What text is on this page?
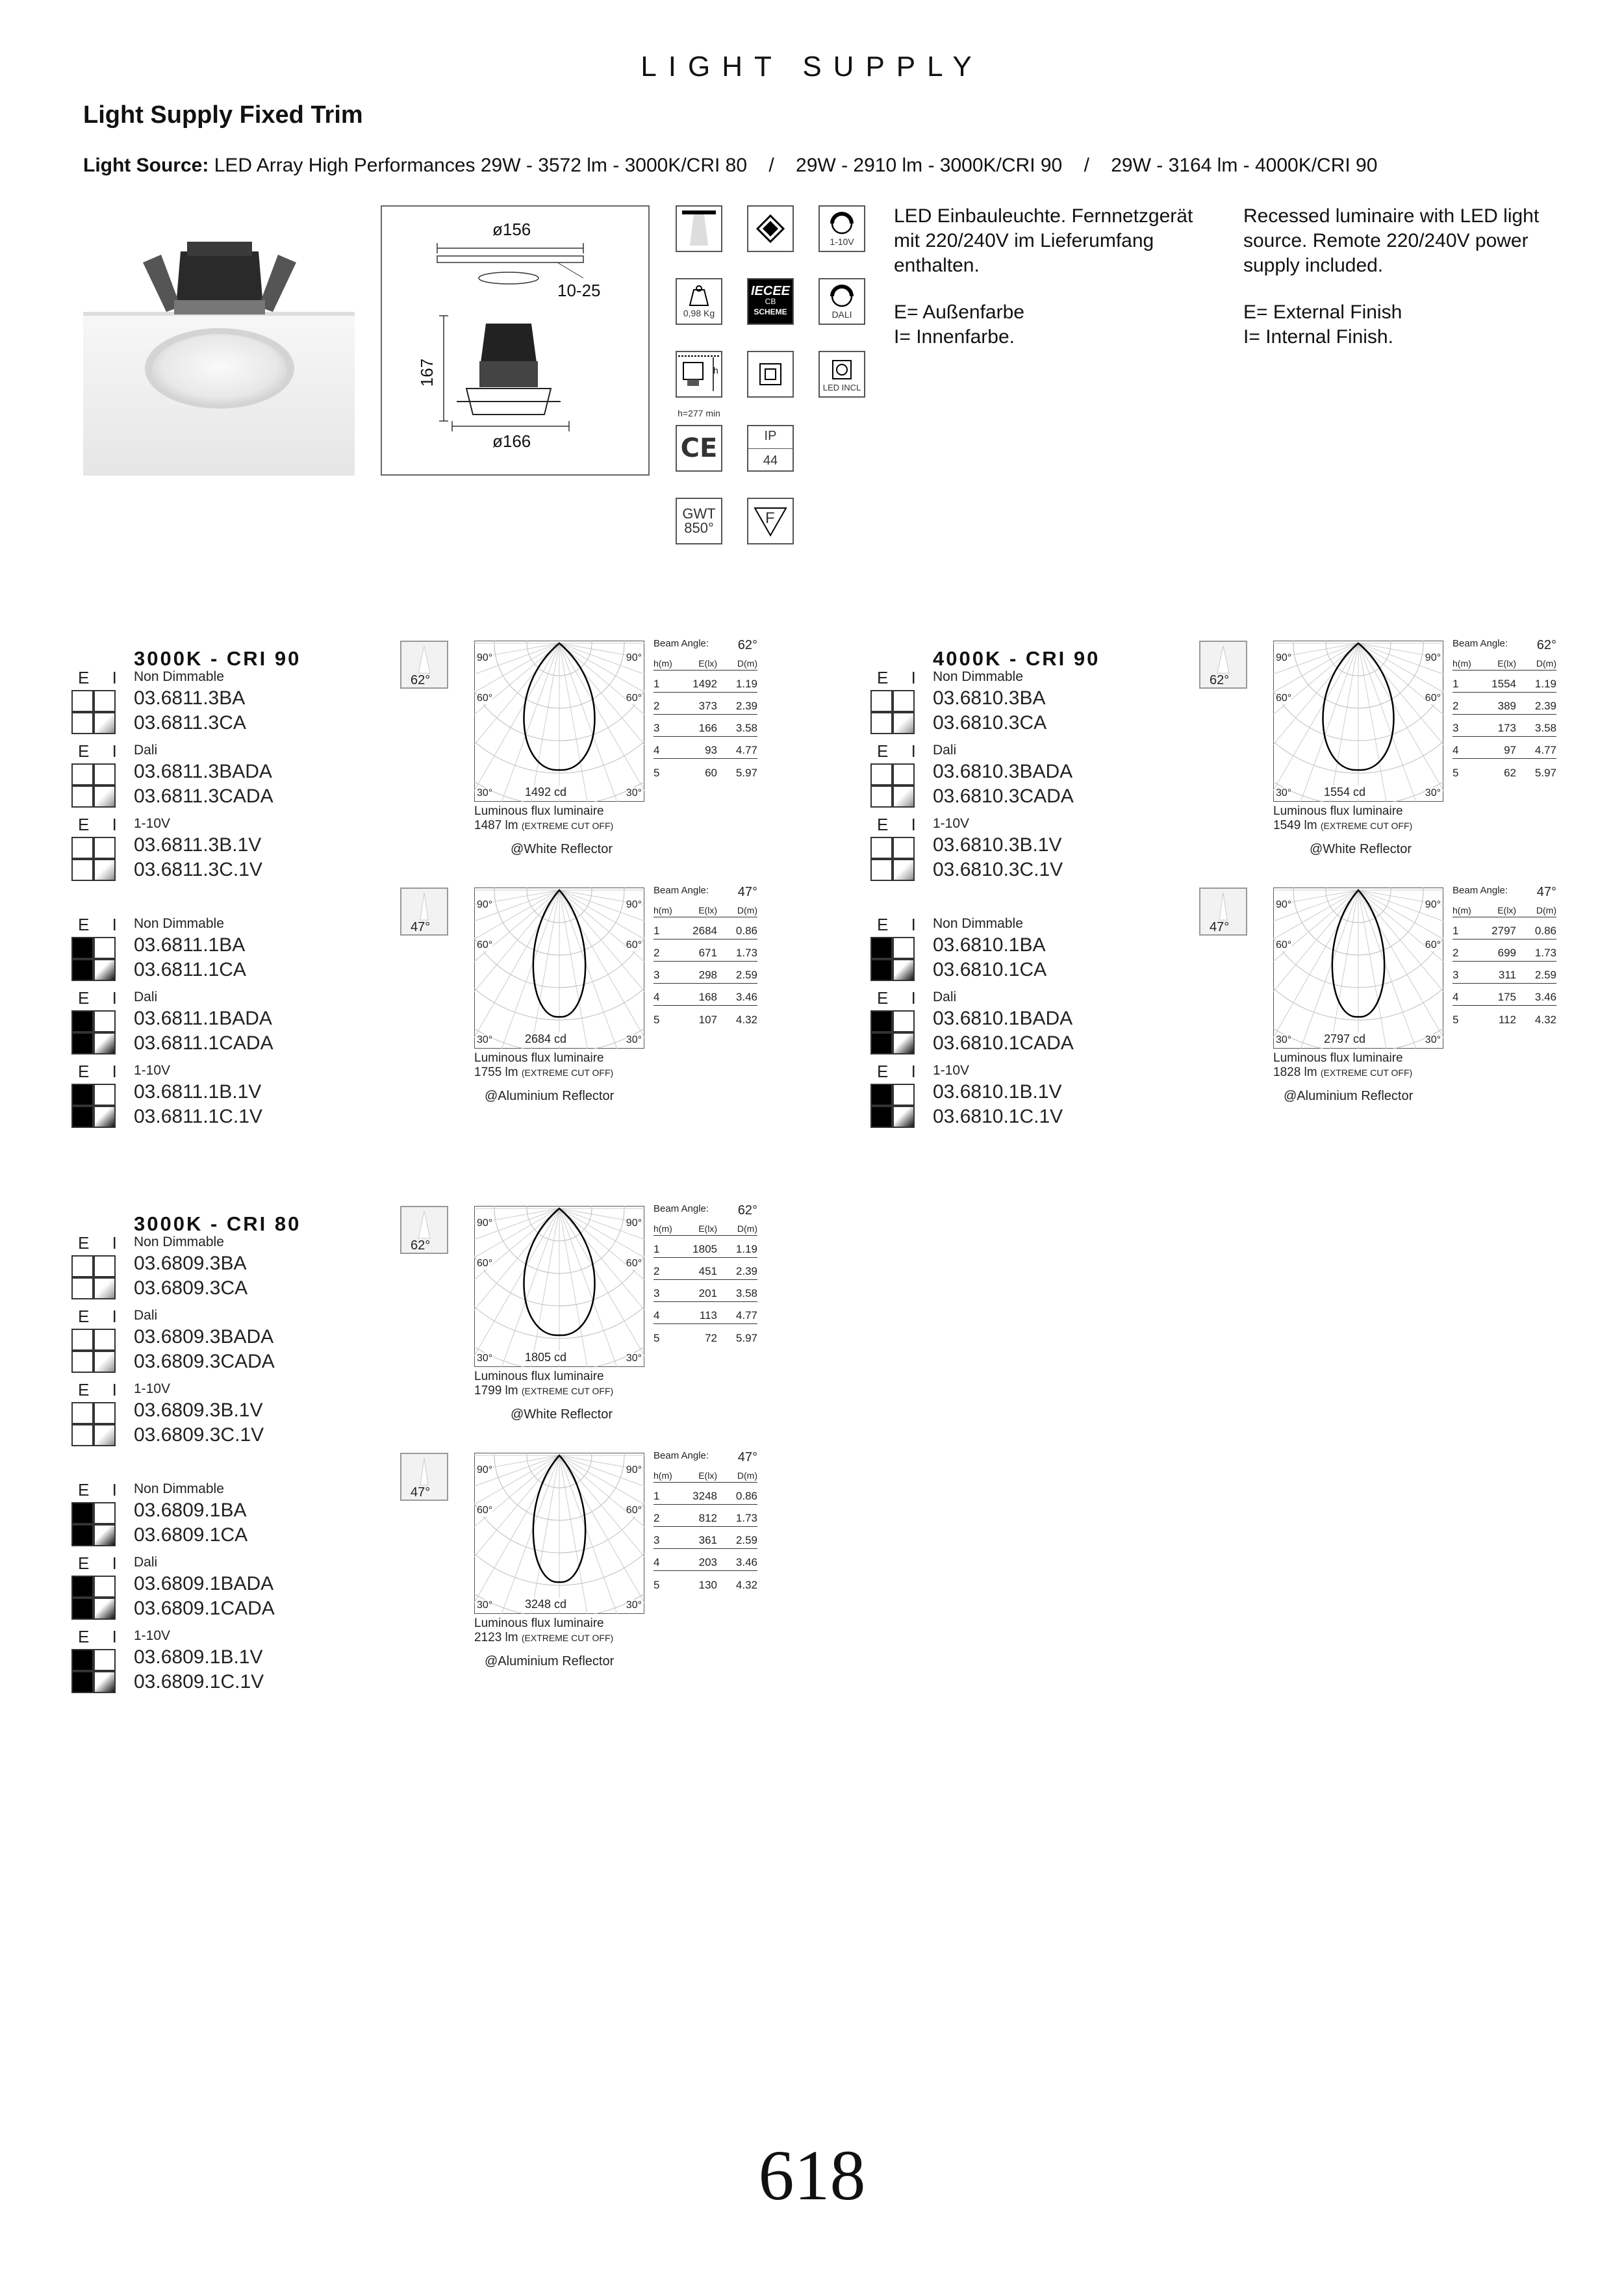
LIGHT SUPPLY
Light Supply Fixed Trim
Light Source: LED Array High Performances 29W - 3572 lm - 3000K/CRI 80    /    29W - 2910 lm - 3000K/CRI 90    /    29W - 3164 lm - 4000K/CRI 90
ø156
10-25
167
ø166
1-10V
0,98 Kg
IECEE
CB
SCHEME	DALI
h
h=277 min
LED INCL
CE	IP
44
GWT
850°
F
LED Einbauleuchte. Fernnetzgerät mit 220/240V im Lieferumfang enthalten.
E= Außenfarbe
I= Innenfarbe.
Recessed luminaire with LED light source. Remote 220/240V power supply included.
E= External Finish
I= Internal Finish.
3000K - CRI 90
E I Non Dimmable
03.6811.3BA
03.6811.3CA
E I Dali
03.6811.3BADA
03.6811.3CADA
E I 1-10V
03.6811.3B.1V
03.6811.3C.1V
E I Non Dimmable
03.6811.1BA
03.6811.1CA
E I Dali
03.6811.1BADA
03.6811.1CADA
E I 1-10V
03.6811.1B.1V
03.6811.1C.1V
62°
90°	90°
60°	60°
30°	30°
1492 cd
Luminous flux luminaire
1487 lm (EXTREME CUT OFF)
@White Reflector
Beam Angle: 62°
h(m)	E(lx)	D(m)
1	1492	1.19
2	373	2.39
3	166	3.58
4	93	4.77
5	60	5.97
47°
90°	90°
60°	60°
30°	30°
2684 cd
Luminous flux luminaire
1755 lm (EXTREME CUT OFF)
@Aluminium Reflector
Beam Angle: 47°
h(m)	E(lx)	D(m)
1	2684	0.86
2	671	1.73
3	298	2.59
4	168	3.46
5	107	4.32
4000K - CRI 90
E I Non Dimmable
03.6810.3BA
03.6810.3CA
E I Dali
03.6810.3BADA
03.6810.3CADA
E I 1-10V
03.6810.3B.1V
03.6810.3C.1V
E I Non Dimmable
03.6810.1BA
03.6810.1CA
E I Dali
03.6810.1BADA
03.6810.1CADA
E I 1-10V
03.6810.1B.1V
03.6810.1C.1V
62°
90°	90°
60°	60°
30°	30°
1554 cd
Luminous flux luminaire
1549 lm (EXTREME CUT OFF)
@White Reflector
Beam Angle: 62°
h(m)	E(lx)	D(m)
1	1554	1.19
2	389	2.39
3	173	3.58
4	97	4.77
5	62	5.97
47°
90°	90°
60°	60°
30°	30°
2797 cd
Luminous flux luminaire
1828 lm (EXTREME CUT OFF)
@Aluminium Reflector
Beam Angle: 47°
h(m)	E(lx)	D(m)
1	2797	0.86
2	699	1.73
3	311	2.59
4	175	3.46
5	112	4.32
3000K - CRI 80
E I Non Dimmable
03.6809.3BA
03.6809.3CA
E I Dali
03.6809.3BADA
03.6809.3CADA
E I 1-10V
03.6809.3B.1V
03.6809.3C.1V
E I Non Dimmable
03.6809.1BA
03.6809.1CA
E I Dali
03.6809.1BADA
03.6809.1CADA
E I 1-10V
03.6809.1B.1V
03.6809.1C.1V
62°
90°	90°
60°	60°
30°	30°
1805 cd
Luminous flux luminaire
1799 lm (EXTREME CUT OFF)
@White Reflector
Beam Angle: 62°
h(m)	E(lx)	D(m)
1	1805	1.19
2	451	2.39
3	201	3.58
4	113	4.77
5	72	5.97
47°
90°	90°
60°	60°
30°	30°
3248 cd
Luminous flux luminaire
2123 lm (EXTREME CUT OFF)
@Aluminium Reflector
Beam Angle: 47°
h(m)	E(lx)	D(m)
1	3248	0.86
2	812	1.73
3	361	2.59
4	203	3.46
5	130	4.32
618
